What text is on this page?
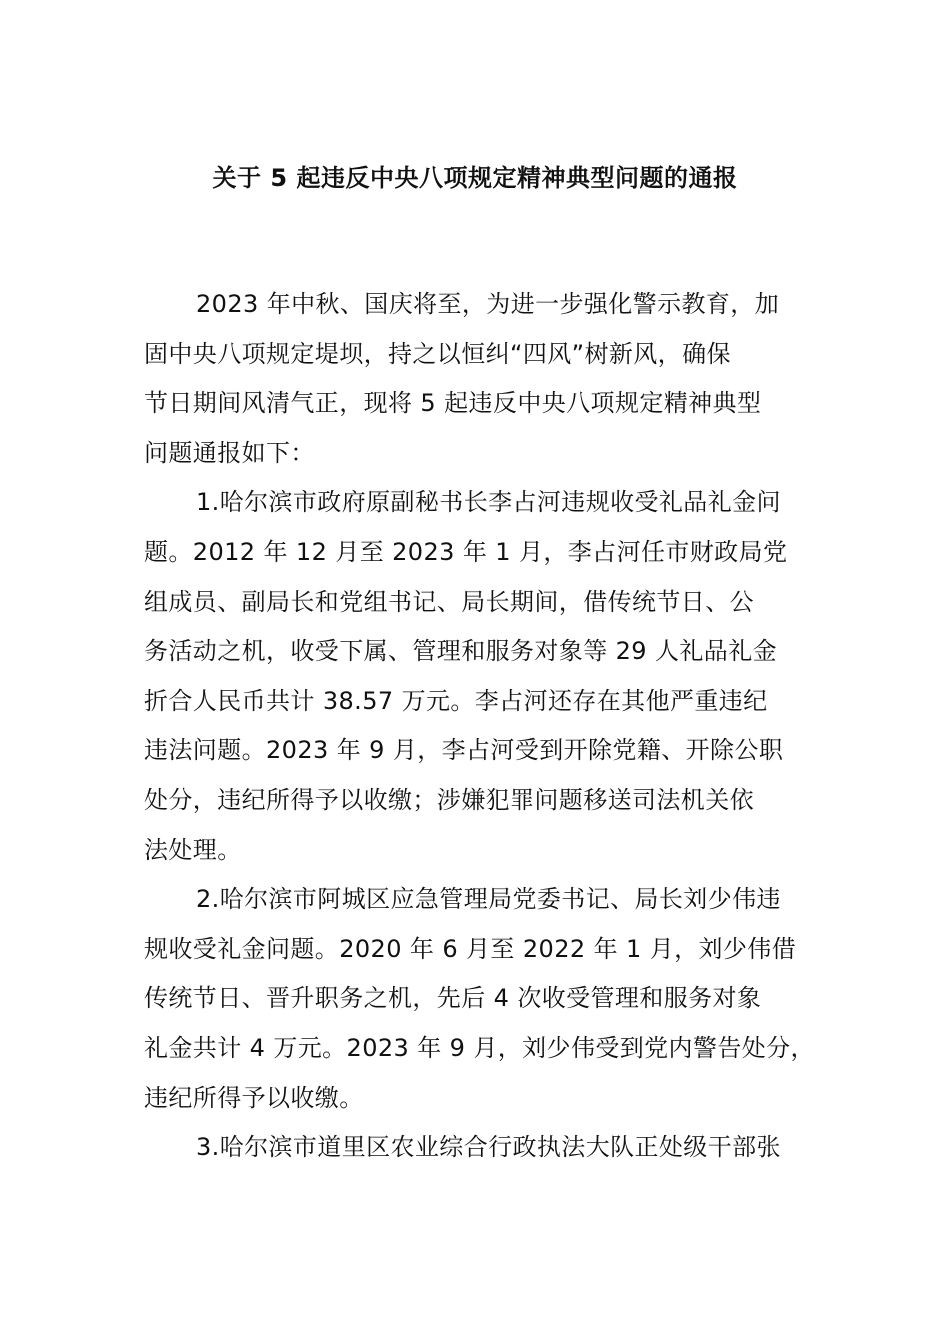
关于 5 起违反中央八项规定精神典型问题的通报
2023 年中秋、国庆将至，为进一步强化警示教育，加
固中央八项规定堤坝，持之以恒纠“四风”树新风，确保
节日期间风清气正，现将 5 起违反中央八项规定精神典型
问题通报如下：
1.哈尔滨市政府原副秘书长李占河违规收受礼品礼金问
题。2012 年 12 月至 2023 年 1 月，李占河任市财政局党
组成员、副局长和党组书记、局长期间，借传统节日、公
务活动之机，收受下属、管理和服务对象等 29 人礼品礼金
折合人民币共计 38.57 万元。李占河还存在其他严重违纪
违法问题。2023 年 9 月，李占河受到开除党籍、开除公职
处分，违纪所得予以收缴；涉嫌犯罪问题移送司法机关依
法处理。
2.哈尔滨市阿城区应急管理局党委书记、局长刘少伟违
规收受礼金问题。2020 年 6 月至 2022 年 1 月，刘少伟借
传统节日、晋升职务之机，先后 4 次收受管理和服务对象
礼金共计 4 万元。2023 年 9 月，刘少伟受到党内警告处分，
违纪所得予以收缴。
3.哈尔滨市道里区农业综合行政执法大队正处级干部张
